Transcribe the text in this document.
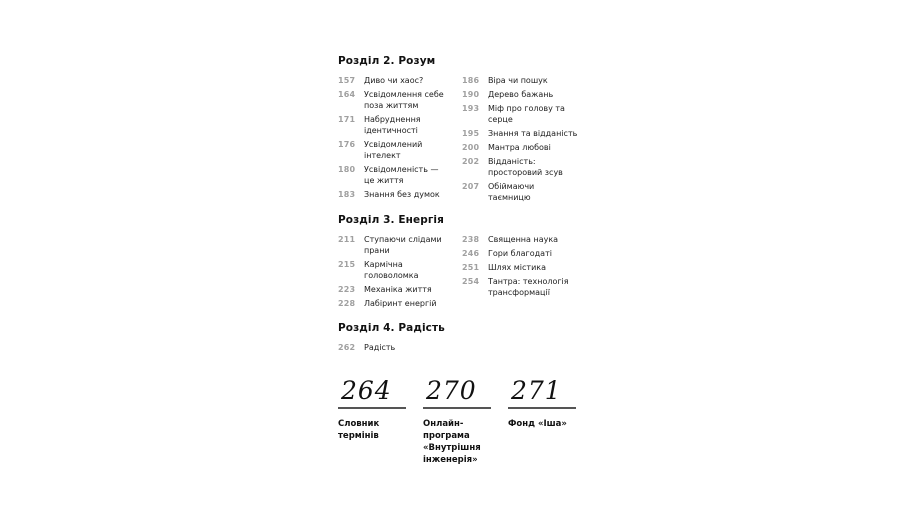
Розділ 2. Розум
157	Диво чи хаос?
164	Усвідомлення себе
поза життям
171	Набруднення
ідентичності
176	Усвідомлений
інтелект
180	Усвідомленість —
це життя
183	Знання без думок
186	Віра чи пошук
190	Дерево бажань
193	Міф про голову та
серце
195	Знання та відданість
200	Мантра любові
202	Відданість:
просторовий зсув
207	Обіймаючи
таємницю
Розділ 3. Енергія
211	Ступаючи слідами
прани
215	Кармічна
головоломка
223	Механіка життя
228	Лабіринт енергій
238	Священна наука
246	Гори благодаті
251	Шлях містика
254	Тантра: технологія
трансформації
Розділ 4. Радість
262	Радість
264
Словник
термінів
270
Онлайн-
програма
«Внутрішня
інженерія»
271
Фонд «Іша»
